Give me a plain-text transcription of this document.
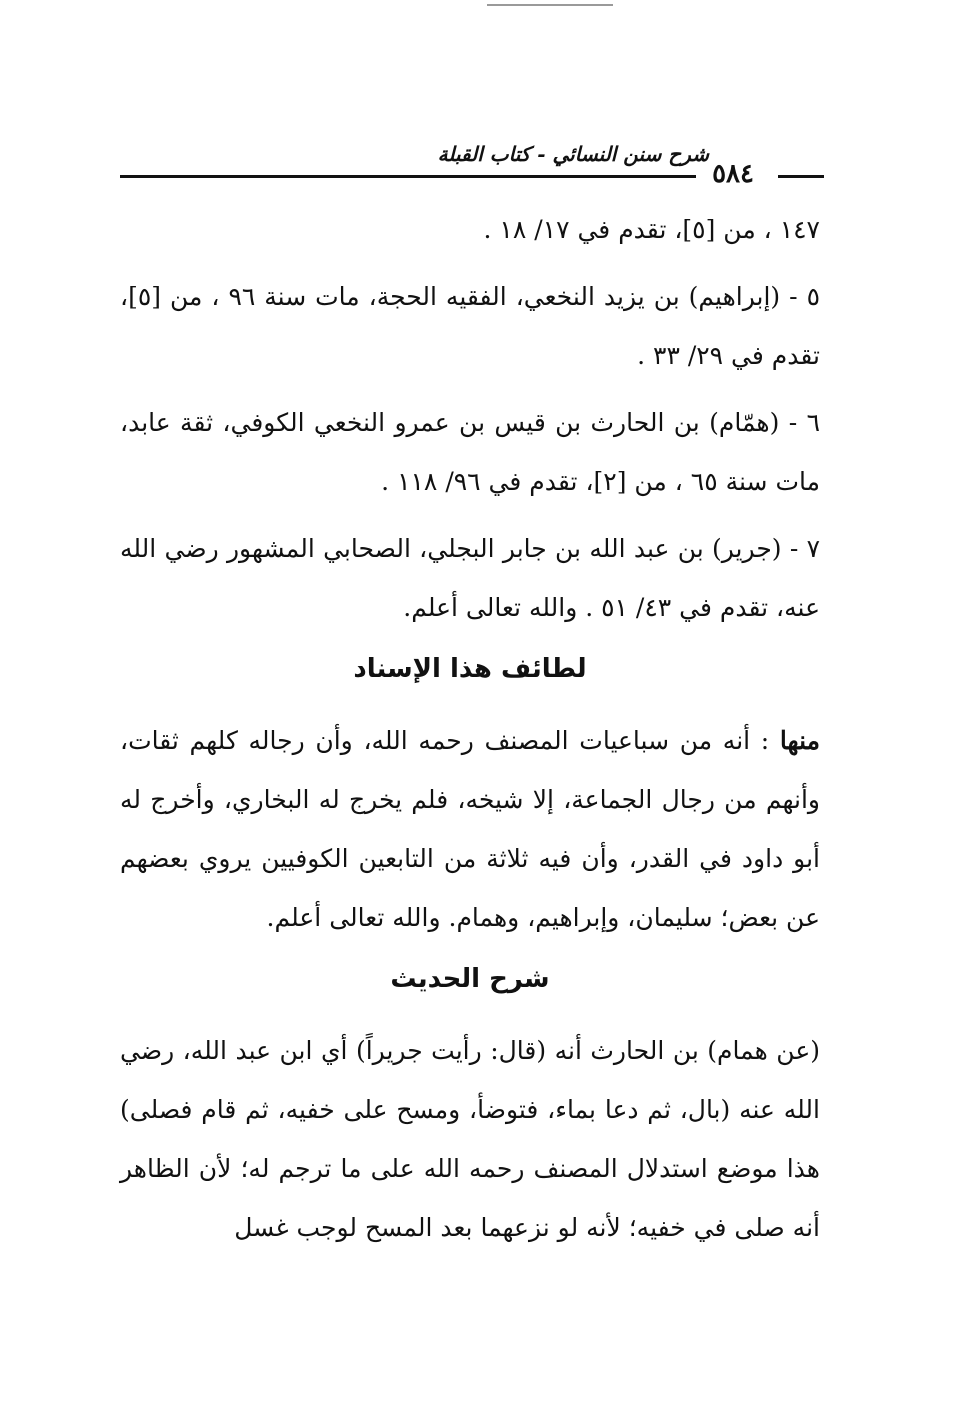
شرح سنن النسائي - كتاب القبلة
٥٨٤

١٤٧ ، من [٥]، تقدم في ١٧/ ١٨ .

٥ - (إبراهيم) بن يزيد النخعي، الفقيه الحجة، مات سنة ٩٦ ، من [٥]، تقدم في ٢٩/ ٣٣ .

٦ - (همّام) بن الحارث بن قيس بن عمرو النخعي الكوفي، ثقة عابد، مات سنة ٦٥ ، من [٢]، تقدم في ٩٦/ ١١٨ .

٧ - (جرير) بن عبد الله بن جابر البجلي، الصحابي المشهور رضي الله عنه، تقدم في ٤٣/ ٥١ . والله تعالى أعلم.

لطائف هذا الإسناد

منها : أنه من سباعيات المصنف رحمه الله، وأن رجاله كلهم ثقات، وأنهم من رجال الجماعة، إلا شيخه، فلم يخرج له البخاري، وأخرج له أبو داود في القدر، وأن فيه ثلاثة من التابعين الكوفيين يروي بعضهم عن بعض؛ سليمان، وإبراهيم، وهمام. والله تعالى أعلم.

شرح الحديث

(عن همام) بن الحارث أنه (قال: رأيت جريراً) أي ابن عبد الله، رضي الله عنه (بال، ثم دعا بماء، فتوضأ، ومسح على خفيه، ثم قام فصلى) هذا موضع استدلال المصنف رحمه الله على ما ترجم له؛ لأن الظاهر أنه صلى في خفيه؛ لأنه لو نزعهما بعد المسح لوجب غسل
